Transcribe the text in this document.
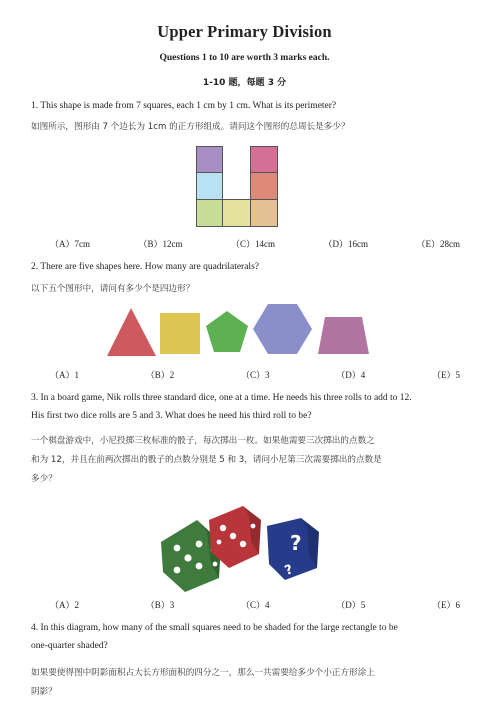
Upper Primary Division
Questions 1 to 10 are worth 3 marks each.
1-10 题，每题 3 分
1. This shape is made from 7 squares, each 1 cm by 1 cm. What is its perimeter?
如图所示，图形由 7 个边长为 1cm 的正方形组成。请问这个图形的总周长是多少？
（A）7cm	（B）12cm	（C）14cm	（D）16cm	（E）28cm
2. There are five shapes here. How many are quadrilaterals?
以下五个图形中，请问有多少个是四边形？
（A）1	（B）2	（C）3	（D）4	（E）5
3. In a board game, Nik rolls three standard dice, one at a time. He needs his three rolls to add to 12.
His first two dice rolls are 5 and 3. What does he need his third roll to be?
一个棋盘游戏中，小尼投掷三枚标准的骰子，每次掷出一枚。如果他需要三次掷出的点数之
和为 12，并且在前两次掷出的骰子的点数分别是 5 和 3，请问小尼第三次需要掷出的点数是
多少？
?
?
（A）2	（B）3	（C）4	（D）5	（E）6
4. In this diagram, how many of the small squares need to be shaded for the large rectangle to be
one-quarter shaded?
如果要使得图中阴影面积占大长方形面积的四分之一，那么一共需要给多少个小正方形涂上
阴影？
